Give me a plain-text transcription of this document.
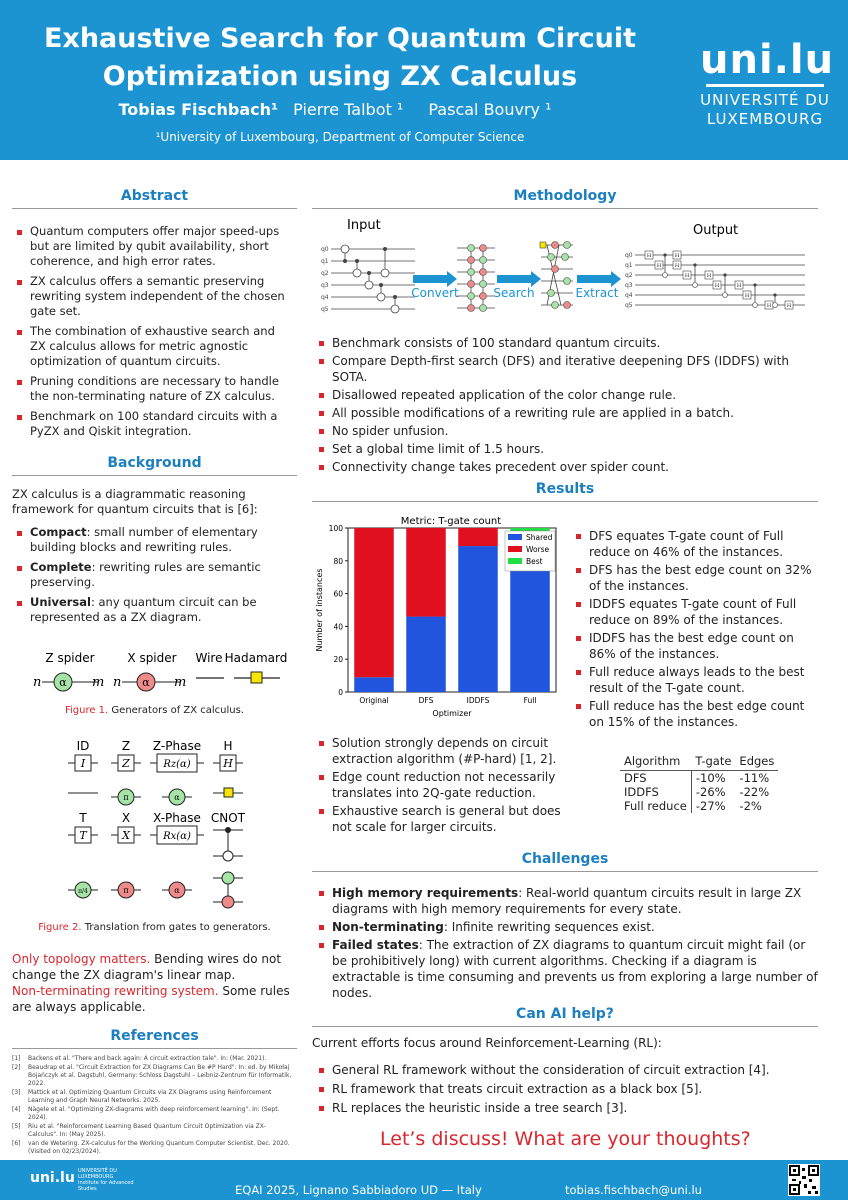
Exhaustive Search for Quantum Circuit
Optimization using ZX Calculus
Tobias Fischbach¹ Pierre Talbot ¹ Pascal Bouvry ¹
¹University of Luxembourg, Department of Computer Science
uni.lu
UNIVERSITÉ DU
LUXEMBOURG
Abstract
Quantum computers offer major speed-ups but are limited by qubit availability, short coherence, and high error rates.
ZX calculus offers a semantic preserving rewriting system independent of the chosen gate set.
The combination of exhaustive search and ZX calculus allows for metric agnostic optimization of quantum circuits.
Pruning conditions are necessary to handle the non-terminating nature of ZX calculus.
Benchmark on 100 standard circuits with a PyZX and Qiskit integration.
Background
ZX calculus is a diagrammatic reasoning framework for quantum circuits that is [6]:
Compact: small number of elementary building blocks and rewriting rules.
Complete: rewriting rules are semantic preserving.
Universal: any quantum circuit can be represented as a ZX diagram.
Z spider	X spider Wire Hadamard
n α m n α m
Figure 1. Generators of ZX calculus.
ID	Z Z-Phase H
T	X X-Phase CNOT
I	Z	Rz(α)	H
π	α
T	X	Rx(α)
π/4	π	α
Figure 2. Translation from gates to generators.
Only topology matters. Bending wires do not change the ZX diagram's linear map.
Non-terminating rewriting system. Some rules are always applicable.
References
[1] Backens et al. "There and back again: A circuit extraction tale". In: (Mar. 2021).
[2] Beaudrap et al. "Circuit Extraction for ZX Diagrams Can Be #P Hard". In: ed. by Mikołaj Bojańczyk et al. Dagstuhl, Germany: Schloss Dagstuhl – Leibniz-Zentrum für Informatik, 2022.
[3] Mattick et al. Optimizing Quantum Circuits via ZX Diagrams using Reinforcement Learning and Graph Neural Networks. 2025.
[4] Nägele et al. "Optimizing ZX-diagrams with deep reinforcement learning". In: (Sept. 2024).
[5] Riu et al. "Reinforcement Learning Based Quantum Circuit Optimization via ZX-Calculus". In: (May 2025).
[6] van de Wetering. ZX-calculus for the Working Quantum Computer Scientist. Dec. 2020. (Visited on 02/23/2024).
Methodology
Input	Output
q0
q1
q2
q3
q4
q5
Convert	Search	Extract
q0
q1
q2
q3
q4
q5
H	H
H
H	H
H	H
H
H	H
H
Benchmark consists of 100 standard quantum circuits.
Compare Depth-first search (DFS) and iterative deepening DFS (IDDFS) with SOTA.
Disallowed repeated application of the color change rule.
All possible modifications of a rewriting rule are applied in a batch.
No spider unfusion.
Set a global time limit of 1.5 hours.
Connectivity change takes precedent over spider count.
Results
Metric: T-gate count
0
20
40
60
80
100
Original	DFS	IDDFS	Full
Shared
Worse
Best
Optimizer
Number of instances
DFS equates T-gate count of Full reduce on 46% of the instances.
DFS has the best edge count on 32% of the instances.
IDDFS equates T-gate count of Full reduce on 89% of the instances.
IDDFS has the best edge count on 86% of the instances.
Full reduce always leads to the best result of the T-gate count.
Full reduce has the best edge count on 15% of the instances.
Solution strongly depends on circuit extraction algorithm (#P-hard) [1, 2].
Edge count reduction not necessarily translates into 2Q-gate reduction.
Exhaustive search is general but does not scale for larger circuits.
Algorithm	T-gate	Edges
DFS	-10%	-11%
IDDFS	-26%	-22%
Full reduce	-27%	-2%
Challenges
High memory requirements: Real-world quantum circuits result in large ZX diagrams with high memory requirements for every state.
Non-terminating: Infinite rewriting sequences exist.
Failed states: The extraction of ZX diagrams to quantum circuit might fail (or be prohibitively long) with current algorithms. Checking if a diagram is extractable is time consuming and prevents us from exploring a large number of nodes.
Can AI help?
Current efforts focus around Reinforcement-Learning (RL):
General RL framework without the consideration of circuit extraction [4].
RL framework that treats circuit extraction as a black box [5].
RL replaces the heuristic inside a tree search [3].
Let’s discuss! What are your thoughts?
uni.lu UNIVERSITÉ DU LUXEMBOURG
Institute for Advanced Studies	EQAI 2025, Lignano Sabbiadoro UD — Italy	tobias.fischbach@uni.lu
